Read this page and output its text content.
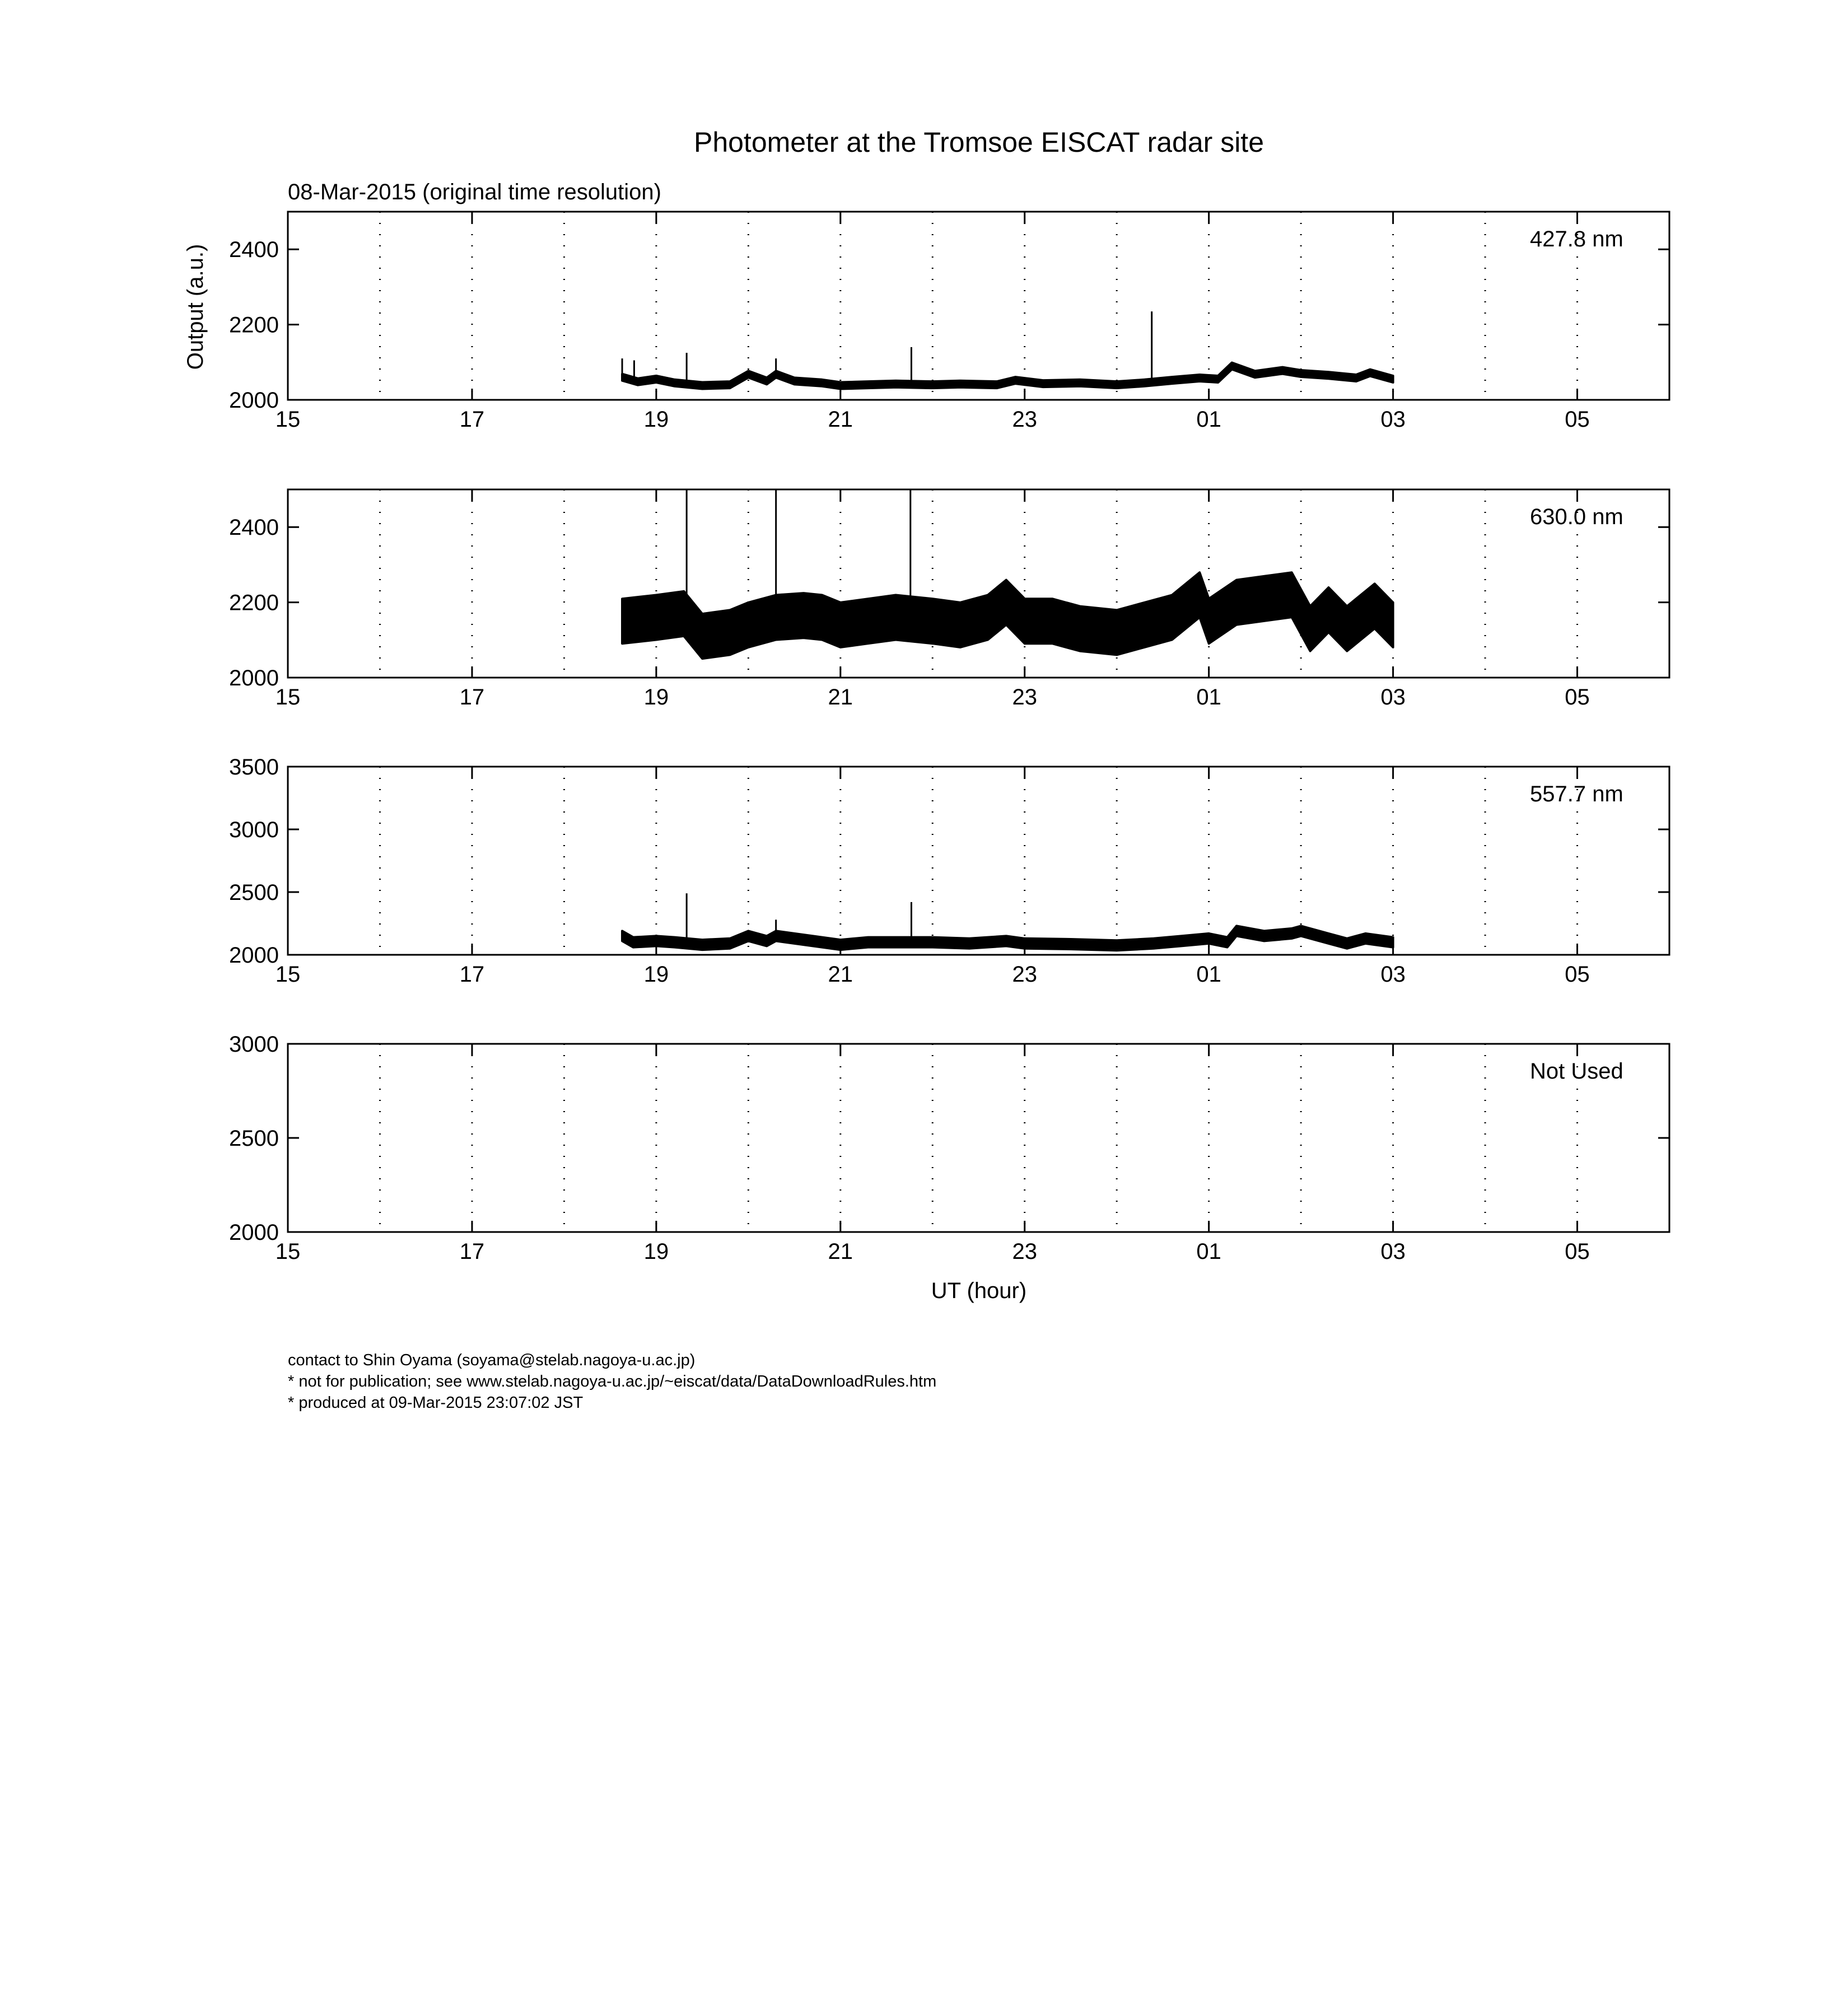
Photometer at the Tromsoe EISCAT radar site
08-Mar-2015 (original time resolution)
Output (a.u.)
UT (hour)
15	17	19	21	23	01	03	05
2000
2200
2400	427.8 nm
15	17	19	21	23	01	03	05
2000
2200
2400	630.0 nm
15	17	19	21	23	01	03	05
2000
2500
3000
3500
557.7 nm
15	17	19	21	23	01	03	05
2000
2500
3000
Not Used
contact to Shin Oyama (soyama@stelab.nagoya-u.ac.jp)
* not for publication; see www.stelab.nagoya-u.ac.jp/~eiscat/data/DataDownloadRules.htm
* produced at 09-Mar-2015 23:07:02 JST
